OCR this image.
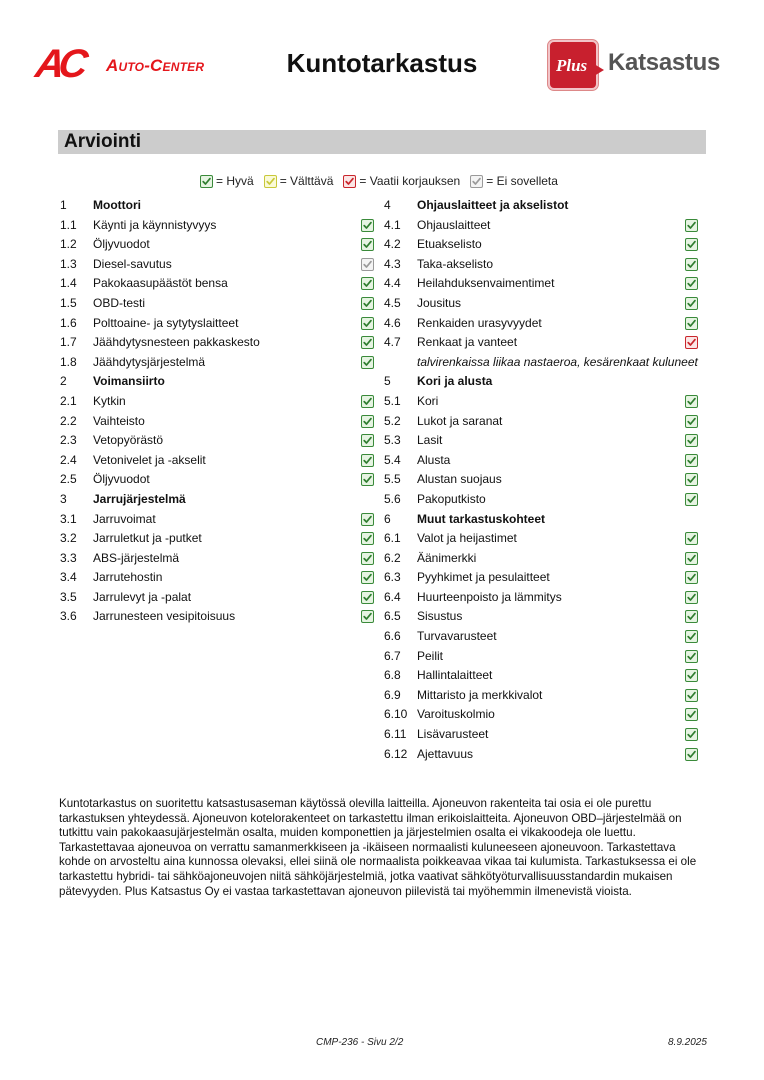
AC Auto-Center	Kuntotarkastus	Plus Katsastus
Arviointi
= Hyvä = Välttävä = Vaatii korjauksen = Ei sovelleta
1	Moottori
1.1	Käynti ja käynnistyvyys
1.2	Öljyvuodot
1.3	Diesel-savutus
1.4	Pakokaasupäästöt bensa
1.5	OBD-testi
1.6	Polttoaine- ja sytytyslaitteet
1.7	Jäähdytysnesteen pakkaskesto
1.8	Jäähdytysjärjestelmä
2	Voimansiirto
2.1	Kytkin
2.2	Vaihteisto
2.3	Vetopyörästö
2.4	Vetonivelet ja -akselit
2.5	Öljyvuodot
3	Jarrujärjestelmä
3.1	Jarruvoimat
3.2	Jarruletkut ja -putket
3.3	ABS-järjestelmä
3.4	Jarrutehostin
3.5	Jarrulevyt ja -palat
3.6	Jarrunesteen vesipitoisuus
4	Ohjauslaitteet ja akselistot
4.1	Ohjauslaitteet
4.2	Etuakselisto
4.3	Taka-akselisto
4.4	Heilahduksenvaimentimet
4.5	Jousitus
4.6	Renkaiden urasyvyydet
4.7	Renkaat ja vanteet
talvirenkaissa liikaa nastaeroa, kesärenkaat kuluneet
5	Kori ja alusta
5.1	Kori
5.2	Lukot ja saranat
5.3	Lasit
5.4	Alusta
5.5	Alustan suojaus
5.6	Pakoputkisto
6	Muut tarkastuskohteet
6.1	Valot ja heijastimet
6.2	Äänimerkki
6.3	Pyyhkimet ja pesulaitteet
6.4	Huurteenpoisto ja lämmitys
6.5	Sisustus
6.6	Turvavarusteet
6.7	Peilit
6.8	Hallintalaitteet
6.9	Mittaristo ja merkkivalot
6.10 Varoituskolmio
6.11 Lisävarusteet
6.12 Ajettavuus
Kuntotarkastus on suoritettu katsastusaseman käytössä olevilla laitteilla. Ajoneuvon rakenteita tai osia ei ole purettu tarkastuksen yhteydessä. Ajoneuvon kotelorakenteet on tarkastettu ilman erikoislaitteita. Ajoneuvon OBD–järjestelmää on tutkittu vain pakokaasujärjestelmän osalta, muiden komponettien ja järjestelmien osalta ei vikakoodeja ole luettu. Tarkastettavaa ajoneuvoa on verrattu samanmerkkiseen ja -ikäiseen normaalisti kuluneeseen ajoneuvoon. Tarkastettava kohde on arvosteltu aina kunnossa olevaksi, ellei siinä ole normaalista poikkeavaa vikaa tai kulumista. Tarkastuksessa ei ole tarkastettu hybridi- tai sähköajoneuvojen niitä sähköjärjestelmiä, jotka vaativat sähkötyöturvallisuusstandardin mukaisen pätevyyden. Plus Katsastus Oy ei vastaa tarkastettavan ajoneuvon piilevistä tai myöhemmin ilmenevistä vioista.
CMP-236 - Sivu 2/2	8.9.2025
